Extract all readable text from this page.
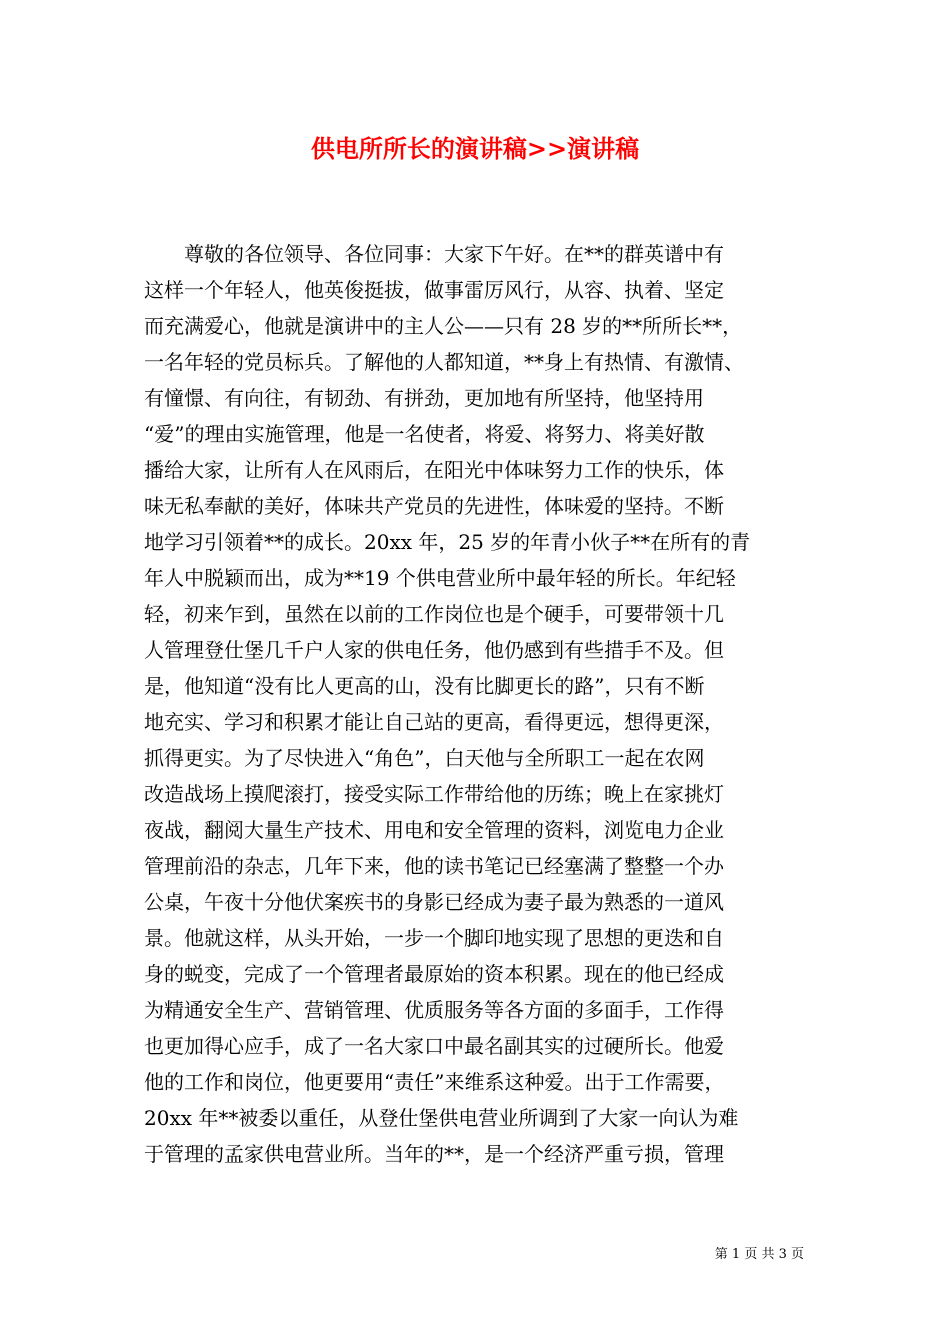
供电所所长的演讲稿>>演讲稿
　　尊敬的各位领导、各位同事：大家下午好。在**的群英谱中有
这样一个年轻人，他英俊挺拔，做事雷厉风行，从容、执着、坚定
而充满爱心，他就是演讲中的主人公——只有 28 岁的**所所长**，
一名年轻的党员标兵。了解他的人都知道，**身上有热情、有激情、
有憧憬、有向往，有韧劲、有拼劲，更加地有所坚持，他坚持用
“爱”的理由实施管理，他是一名使者，将爱、将努力、将美好散
播给大家，让所有人在风雨后，在阳光中体味努力工作的快乐，体
味无私奉献的美好，体味共产党员的先进性，体味爱的坚持。不断
地学习引领着**的成长。20xx 年，25 岁的年青小伙子**在所有的青
年人中脱颖而出，成为**19 个供电营业所中最年轻的所长。年纪轻
轻，初来乍到，虽然在以前的工作岗位也是个硬手，可要带领十几
人管理登仕堡几千户人家的供电任务，他仍感到有些措手不及。但
是，他知道“没有比人更高的山，没有比脚更长的路”，只有不断
地充实、学习和积累才能让自己站的更高，看得更远，想得更深，
抓得更实。为了尽快进入“角色”，白天他与全所职工一起在农网
改造战场上摸爬滚打，接受实际工作带给他的历练；晚上在家挑灯
夜战，翻阅大量生产技术、用电和安全管理的资料，浏览电力企业
管理前沿的杂志，几年下来，他的读书笔记已经塞满了整整一个办
公桌，午夜十分他伏案疾书的身影已经成为妻子最为熟悉的一道风
景。他就这样，从头开始，一步一个脚印地实现了思想的更迭和自
身的蜕变，完成了一个管理者最原始的资本积累。现在的他已经成
为精通安全生产、营销管理、优质服务等各方面的多面手，工作得
也更加得心应手，成了一名大家口中最名副其实的过硬所长。他爱
他的工作和岗位，他更要用“责任”来维系这种爱。出于工作需要，
20xx 年**被委以重任，从登仕堡供电营业所调到了大家一向认为难
于管理的孟家供电营业所。当年的**，是一个经济严重亏损，管理
第 1 页 共 3 页
